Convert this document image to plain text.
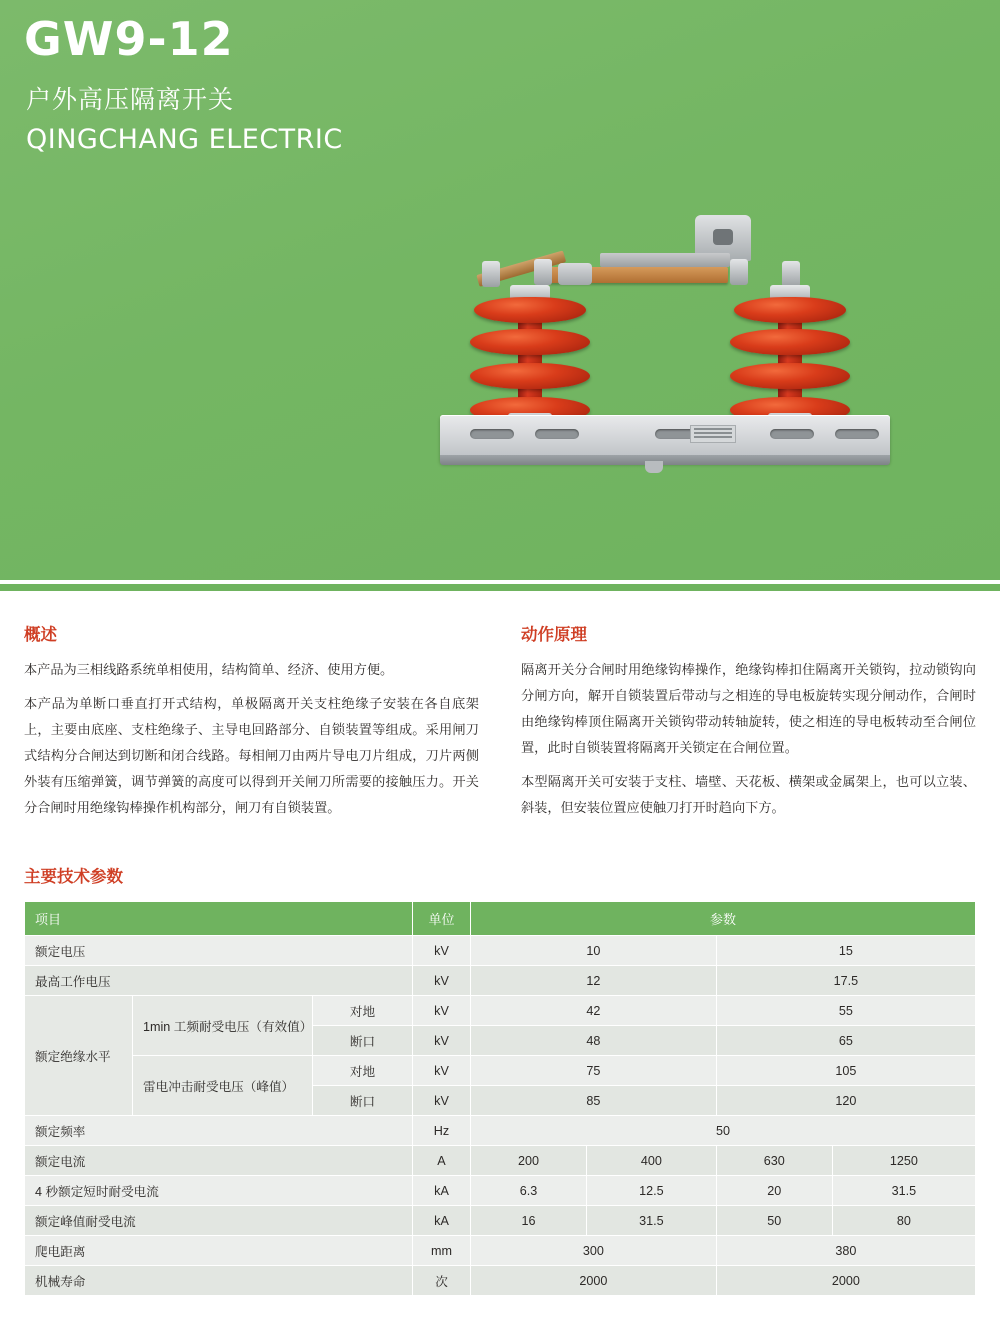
GW9-12
户外高压隔离开关
QINGCHANG ELECTRIC
概述

本产品为三相线路系统单相使用，结构简单、经济、使用方便。

本产品为单断口垂直打开式结构，单极隔离开关支柱绝缘子安装在各自底架上，主要由底座、支柱绝缘子、主导电回路部分、自锁装置等组成。采用闸刀式结构分合闸达到切断和闭合线路。每相闸刀由两片导电刀片组成，刀片两侧外装有压缩弹簧，调节弹簧的高度可以得到开关闸刀所需要的接触压力。开关分合闸时用绝缘钩棒操作机构部分，闸刀有自锁装置。

动作原理

隔离开关分合闸时用绝缘钩棒操作，绝缘钩棒扣住隔离开关锁钩，拉动锁钩向分闸方向，解开自锁装置后带动与之相连的导电板旋转实现分闸动作，合闸时由绝缘钩棒顶住隔离开关锁钩带动转轴旋转，使之相连的导电板转动至合闸位置，此时自锁装置将隔离开关锁定在合闸位置。

本型隔离开关可安装于支柱、墙壁、天花板、横架或金属架上，也可以立装、斜装，但安装位置应使触刀打开时趋向下方。

主要技术参数
项目			单位	参数			
额定电压			kV	10		15	
最高工作电压			kV	12		17.5	
额定绝缘水平	1min 工频耐受电压（有效值）	对地	kV	42		55	
		断口	kV	48		65	
	雷电冲击耐受电压（峰值）	对地	kV	75		105	
		断口	kV	85		120	
额定频率			Hz	50			
额定电流			A	200	400	630	1250
4 秒额定短时耐受电流			kA	6.3	12.5	20	31.5
额定峰值耐受电流			kA	16	31.5	50	80
爬电距离			mm	300		380	
机械寿命			次	2000		2000	
